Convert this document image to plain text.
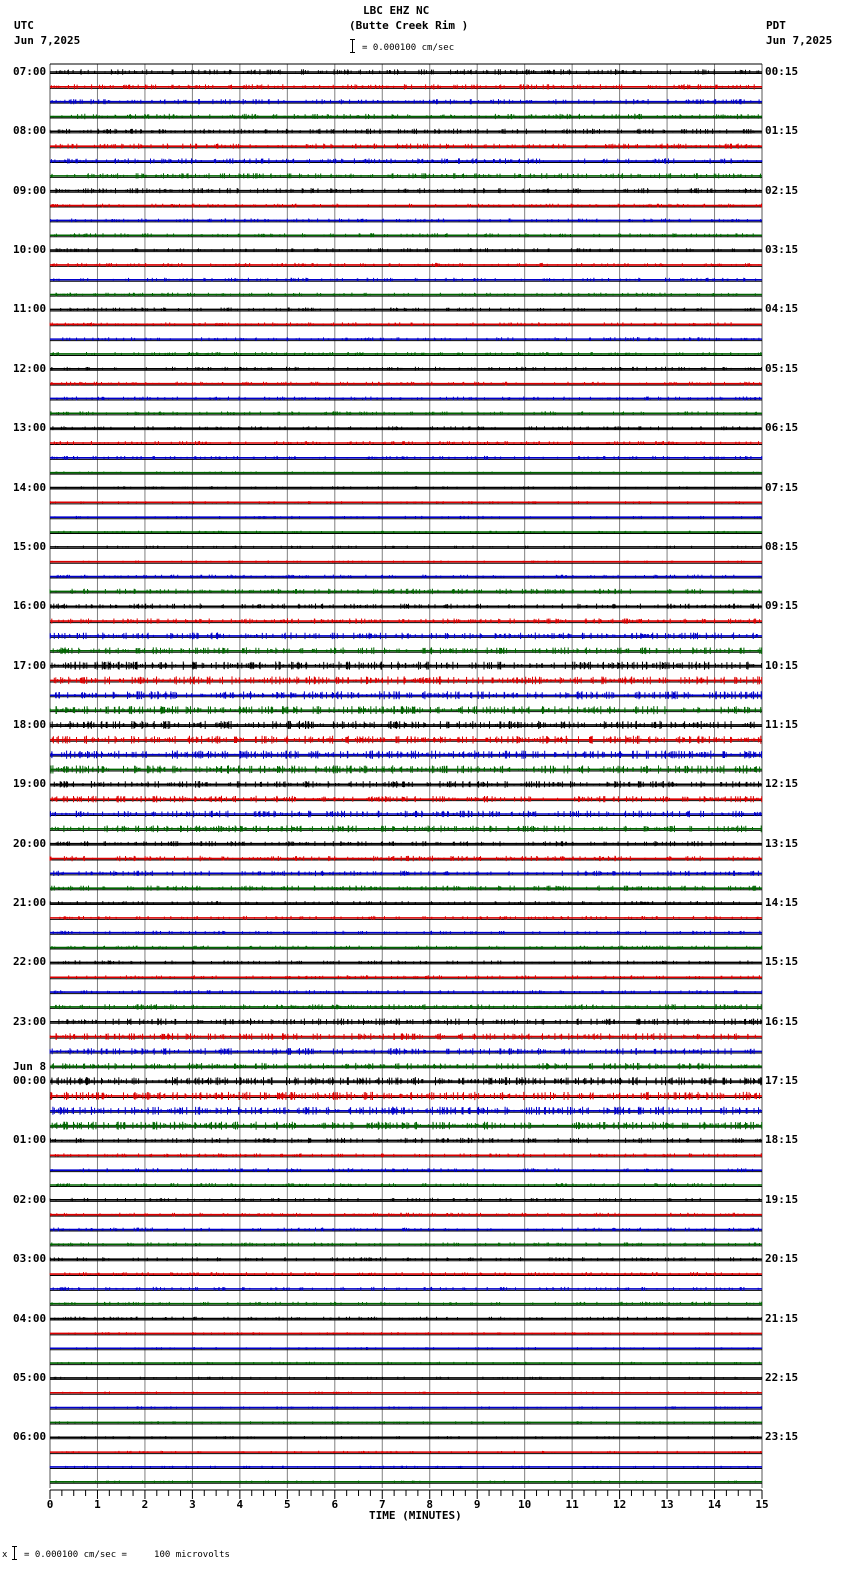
LBC EHZ NC
(Butte Creek Rim )
= 0.000100 cm/sec
UTC
Jun 7,2025
PDT
Jun 7,2025
0	1	2	3	4	5	6	7	8	9	10	11	12	13	14	15
07:00
08:00
09:00
10:00
11:00
12:00
13:00
14:00
15:00
16:00
17:00
18:00
19:00
20:00
21:00
22:00
23:00
00:00
Jun 8
01:00
02:00
03:00
04:00
05:00
06:00
00:15
01:15
02:15
03:15
04:15
05:15
06:15
07:15
08:15
09:15
10:15
11:15
12:15
13:15
14:15
15:15
16:15
17:15
18:15
19:15
20:15
21:15
22:15
23:15
TIME (MINUTES)
x = 0.000100 cm/sec =     100 microvolts
